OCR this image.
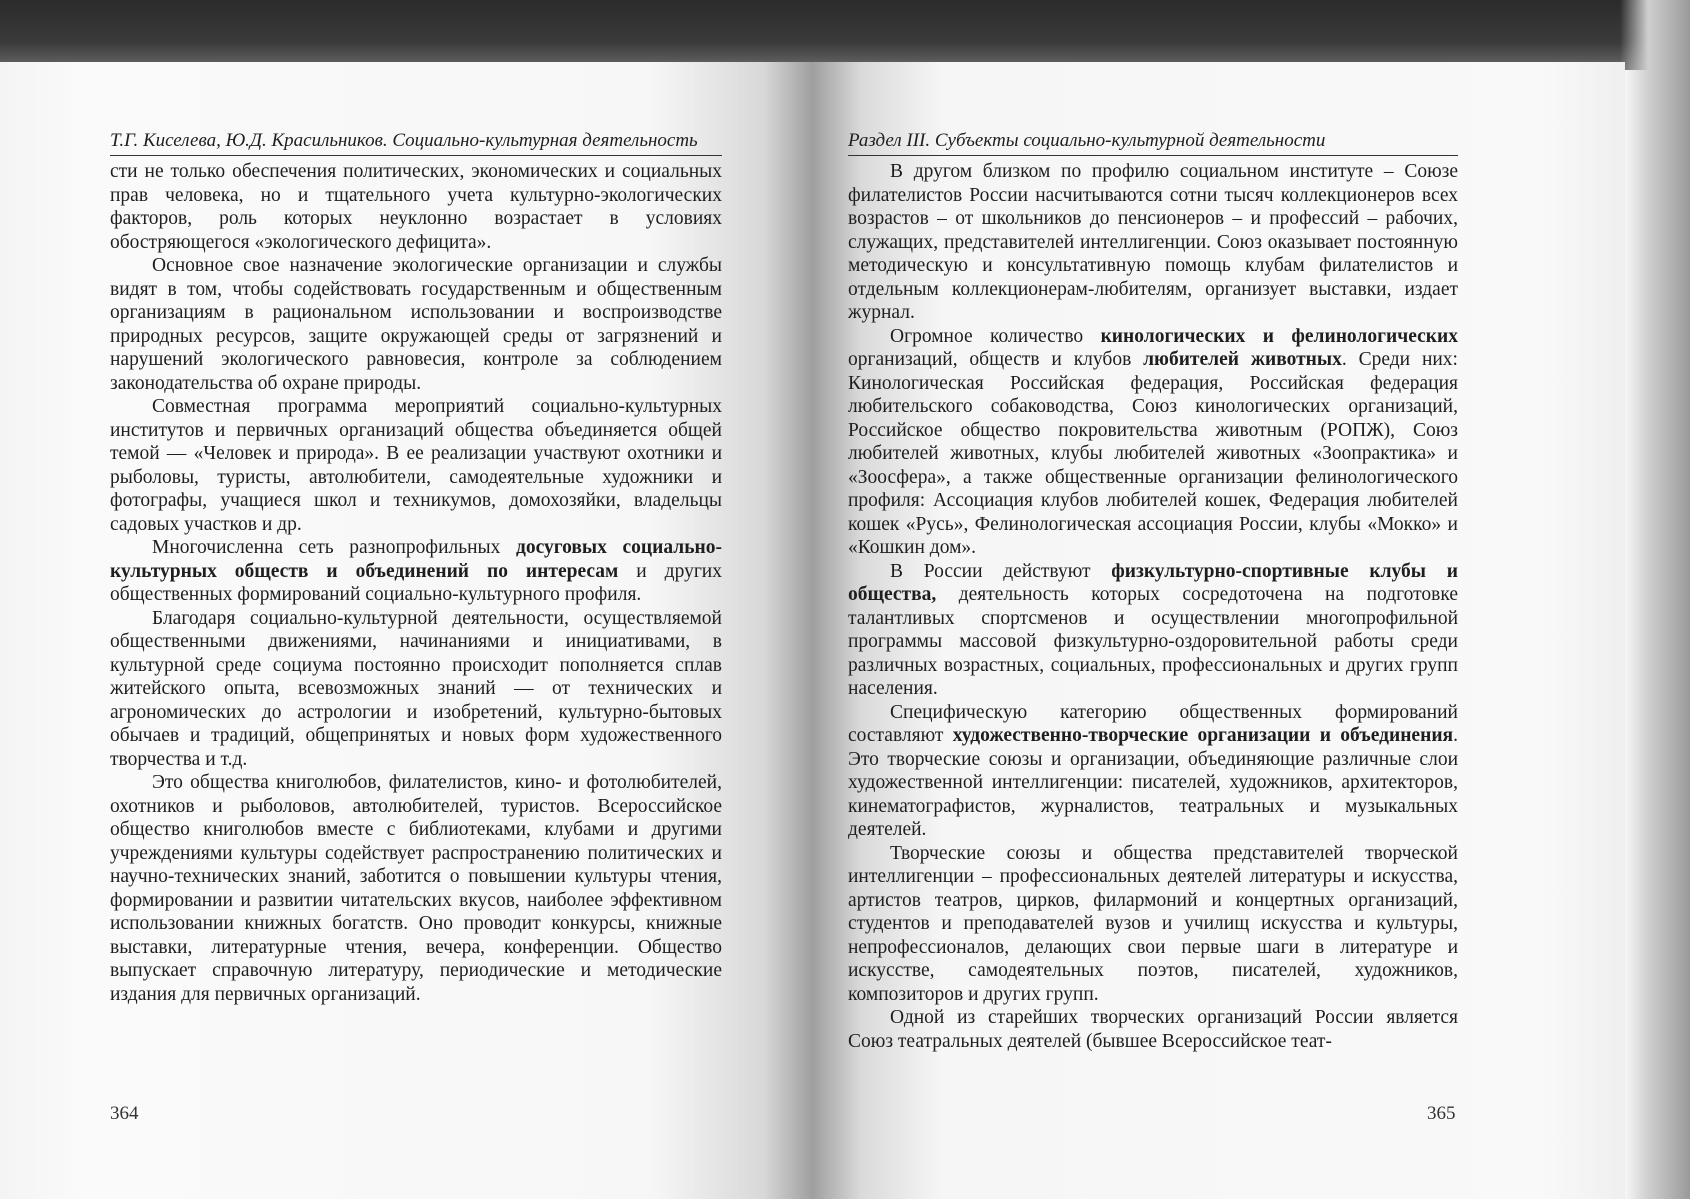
Т.Г. Киселева, Ю.Д. Красильников. Социально-культурная деятельность

сти не только обеспечения политических, экономических и социальных прав человека, но и тщательного учета культурно-экологических факторов, роль которых неуклонно возрастает в условиях обостряющегося «экологического дефицита».

Основное свое назначение экологические организации и службы видят в том, чтобы содействовать государственным и общественным организациям в рациональном использовании и воспроизводстве природных ресурсов, защите окружающей среды от загрязнений и нарушений экологического равновесия, контроле за соблюдением законодательства об охране природы.

Совместная программа мероприятий социально-культурных институтов и первичных организаций общества объединяется общей темой — «Человек и природа». В ее реализации участвуют охотники и рыболовы, туристы, автолюбители, самодеятельные художники и фотографы, учащиеся школ и техникумов, домохозяйки, владельцы садовых участков и др.

Многочисленна сеть разнопрофильных досуговых социально-культурных обществ и объединений по интересам и других общественных формирований социально-культурного профиля.

Благодаря социально-культурной деятельности, осуществляемой общественными движениями, начинаниями и инициативами, в культурной среде социума постоянно происходит пополняется сплав житейского опыта, всевозможных знаний — от технических и агрономических до астрологии и изобретений, культурно-бытовых обычаев и традиций, общепринятых и новых форм художественного творчества и т.д.

Это общества книголюбов, филателистов, кино- и фотолюбителей, охотников и рыболовов, автолюбителей, туристов. Всероссийское общество книголюбов вместе с библиотеками, клубами и другими учреждениями культуры содействует распространению политических и научно-технических знаний, заботится о повышении культуры чтения, формировании и развитии читательских вкусов, наиболее эффективном использовании книжных богатств. Оно проводит конкурсы, книжные выставки, литературные чтения, вечера, конференции. Общество выпускает справочную литературу, периодические и методические издания для первичных организаций.

364
Раздел III. Субъекты социально-культурной деятельности

В другом близком по профилю социальном институте – Союзе филателистов России насчитываются сотни тысяч коллекционеров всех возрастов – от школьников до пенсионеров – и профессий – рабочих, служащих, представителей интеллигенции. Союз оказывает постоянную методическую и консультативную помощь клубам филателистов и отдельным коллекционерам-любителям, организует выставки, издает журнал.

Огромное количество кинологических и фелинологических организаций, обществ и клубов любителей животных. Среди них: Кинологическая Российская федерация, Российская федерация любительского собаководства, Союз кинологических организаций, Российское общество покровительства животным (РОПЖ), Союз любителей животных, клубы любителей животных «Зоопрактика» и «Зоосфера», а также общественные организации фелинологического профиля: Ассоциация клубов любителей кошек, Федерация любителей кошек «Русь», Фелинологическая ассоциация России, клубы «Мокко» и «Кошкин дом».

В России действуют физкультурно-спортивные клубы и общества, деятельность которых сосредоточена на подготовке талантливых спортсменов и осуществлении многопрофильной программы массовой физкультурно-оздоровительной работы среди различных возрастных, социальных, профессиональных и других групп населения.

Специфическую категорию общественных формирований составляют художественно-творческие организации и объединения. Это творческие союзы и организации, объединяющие различные слои художественной интеллигенции: писателей, художников, архитекторов, кинематографистов, журналистов, театральных и музыкальных деятелей.

Творческие союзы и общества представителей творческой интеллигенции – профессиональных деятелей литературы и искусства, артистов театров, цирков, филармоний и концертных организаций, студентов и преподавателей вузов и училищ искусства и культуры, непрофессионалов, делающих свои первые шаги в литературе и искусстве, самодеятельных поэтов, писателей, художников, композиторов и других групп.

Одной из старейших творческих организаций России является Союз театральных деятелей (бывшее Всероссийское теат-

365
